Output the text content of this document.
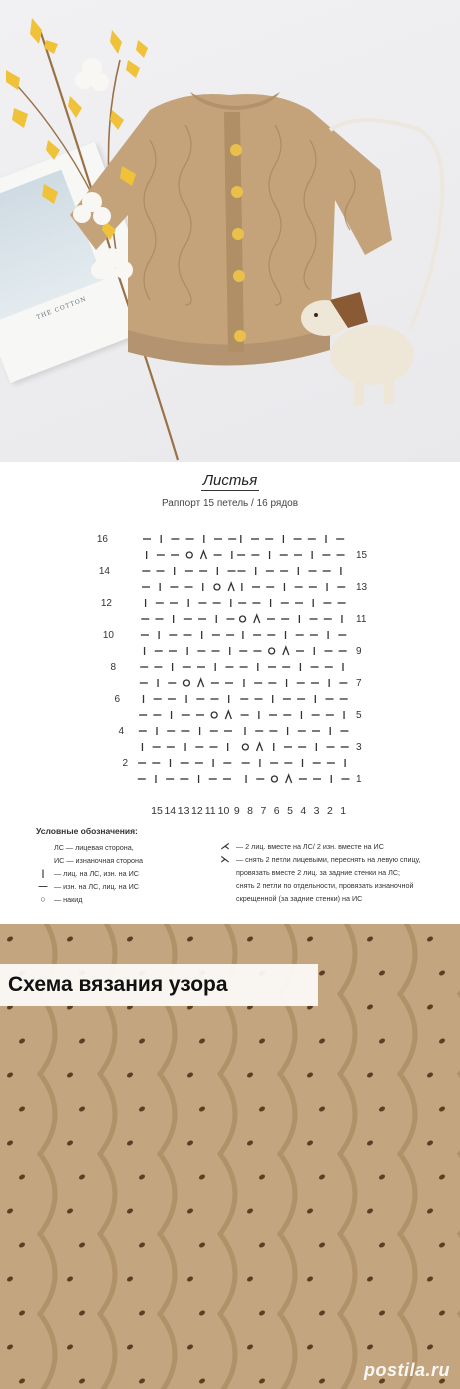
THE COTTON
Листья
Раппорт 15 петель / 16 рядов
16
14
12
10
8
6
4
2
15
13
11
9
7
5
3
1
15 14 13 12 11 10 9 8 7 6 5 4 3 2 1
Условные обозначения:
ЛС — лицевая сторона,
ИС — изнаночная сторона
|	— лиц. на ЛС, изн. на ИС
— — изн. на ЛС, лиц. на ИС
○	— накид
⋌ — 2 лиц. вместе на ЛС/ 2 изн. вместе на ИС
⋋ — снять 2 петли лицевыми, переснять на левую спицу,
провязать вместе 2 лиц. за задние стенки на ЛС;
снять 2 петли по отдельности, провязать изнаночной
скрещенной (за задние стенки) на ИС
Схема вязания узора
postila.ru
